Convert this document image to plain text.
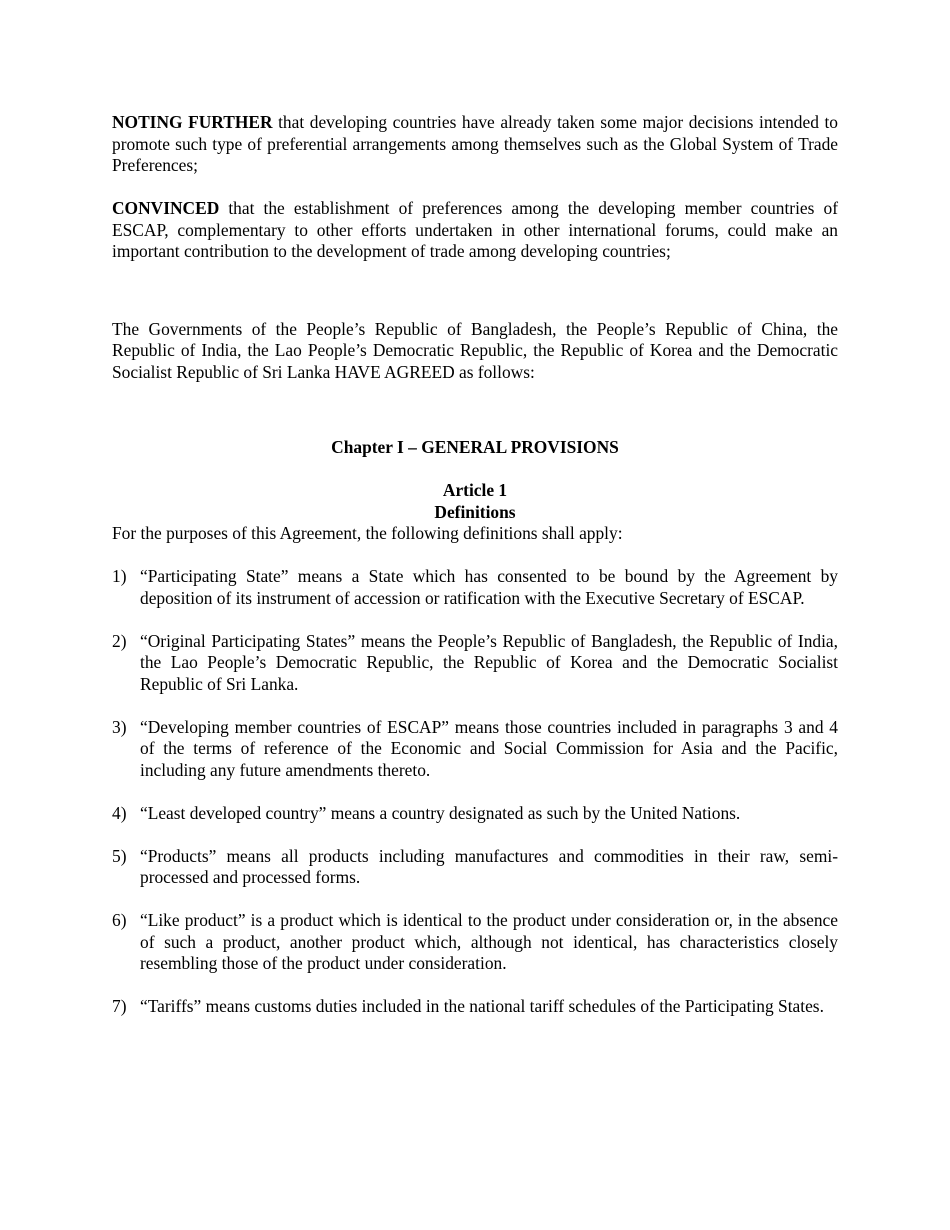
NOTING FURTHER that developing countries have already taken some major decisions intended to promote such type of preferential arrangements among themselves such as the Global System of Trade Preferences;

CONVINCED that the establishment of preferences among the developing member countries of ESCAP, complementary to other efforts undertaken in other international forums, could make an important contribution to the development of trade among developing countries;

The Governments of the People’s Republic of Bangladesh, the People’s Republic of China, the Republic of India, the Lao People’s Democratic Republic, the Republic of Korea and the Democratic Socialist Republic of Sri Lanka HAVE AGREED as follows:

Chapter I – GENERAL PROVISIONS

Article 1

Definitions

For the purposes of this Agreement, the following definitions shall apply:

1) “Participating State” means a State which has consented to be bound by the Agreement by deposition of its instrument of accession or ratification with the Executive Secretary of ESCAP.
2) “Original Participating States” means the People’s Republic of Bangladesh, the Republic of India, the Lao People’s Democratic Republic, the Republic of Korea and the Democratic Socialist Republic of Sri Lanka.
3) “Developing member countries of ESCAP” means those countries included in paragraphs 3 and 4 of the terms of reference of the Economic and Social Commission for Asia and the Pacific, including any future amendments thereto.
4) “Least developed country” means a country designated as such by the United Nations.
5) “Products” means all products including manufactures and commodities in their raw, semi-processed and processed forms.
6) “Like product” is a product which is identical to the product under consideration or, in the absence of such a product, another product which, although not identical, has characteristics closely resembling those of the product under consideration.
7) “Tariffs” means customs duties included in the national tariff schedules of the Participating States.
